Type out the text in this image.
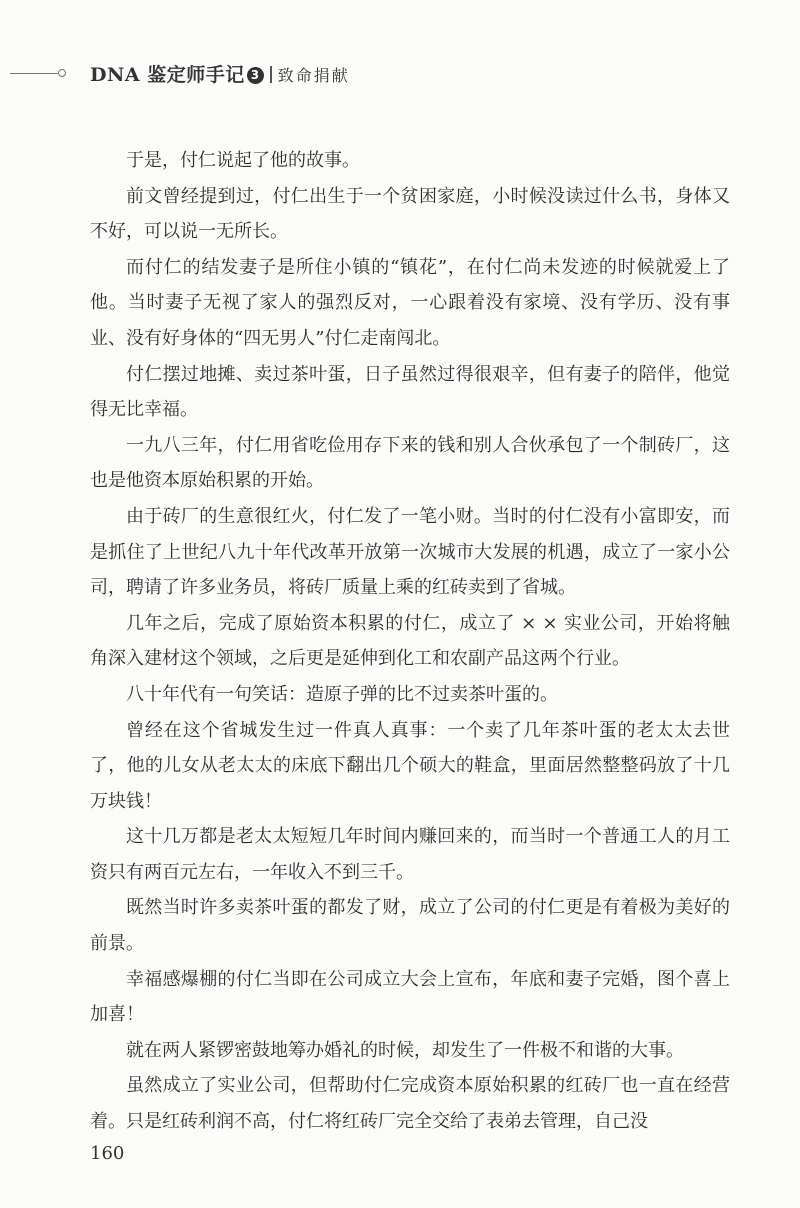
DNA 鉴定师手记 3 致命捐献

于是，付仁说起了他的故事。

前文曾经提到过，付仁出生于一个贫困家庭，小时候没读过什么书，身体又不好，可以说一无所长。

而付仁的结发妻子是所住小镇的“镇花”，在付仁尚未发迹的时候就爱上了他。当时妻子无视了家人的强烈反对，一心跟着没有家境、没有学历、没有事业、没有好身体的“四无男人”付仁走南闯北。

付仁摆过地摊、卖过茶叶蛋，日子虽然过得很艰辛，但有妻子的陪伴，他觉得无比幸福。

一九八三年，付仁用省吃俭用存下来的钱和别人合伙承包了一个制砖厂，这也是他资本原始积累的开始。

由于砖厂的生意很红火，付仁发了一笔小财。当时的付仁没有小富即安，而是抓住了上世纪八九十年代改革开放第一次城市大发展的机遇，成立了一家小公司，聘请了许多业务员，将砖厂质量上乘的红砖卖到了省城。

几年之后，完成了原始资本积累的付仁，成立了 × × 实业公司，开始将触角深入建材这个领域，之后更是延伸到化工和农副产品这两个行业。

八十年代有一句笑话：造原子弹的比不过卖茶叶蛋的。

曾经在这个省城发生过一件真人真事：一个卖了几年茶叶蛋的老太太去世了，他的儿女从老太太的床底下翻出几个硕大的鞋盒，里面居然整整码放了十几万块钱！

这十几万都是老太太短短几年时间内赚回来的，而当时一个普通工人的月工资只有两百元左右，一年收入不到三千。

既然当时许多卖茶叶蛋的都发了财，成立了公司的付仁更是有着极为美好的前景。

幸福感爆棚的付仁当即在公司成立大会上宣布，年底和妻子完婚，图个喜上加喜！

就在两人紧锣密鼓地筹办婚礼的时候，却发生了一件极不和谐的大事。

虽然成立了实业公司，但帮助付仁完成资本原始积累的红砖厂也一直在经营着。只是红砖利润不高，付仁将红砖厂完全交给了表弟去管理，自己没

160
